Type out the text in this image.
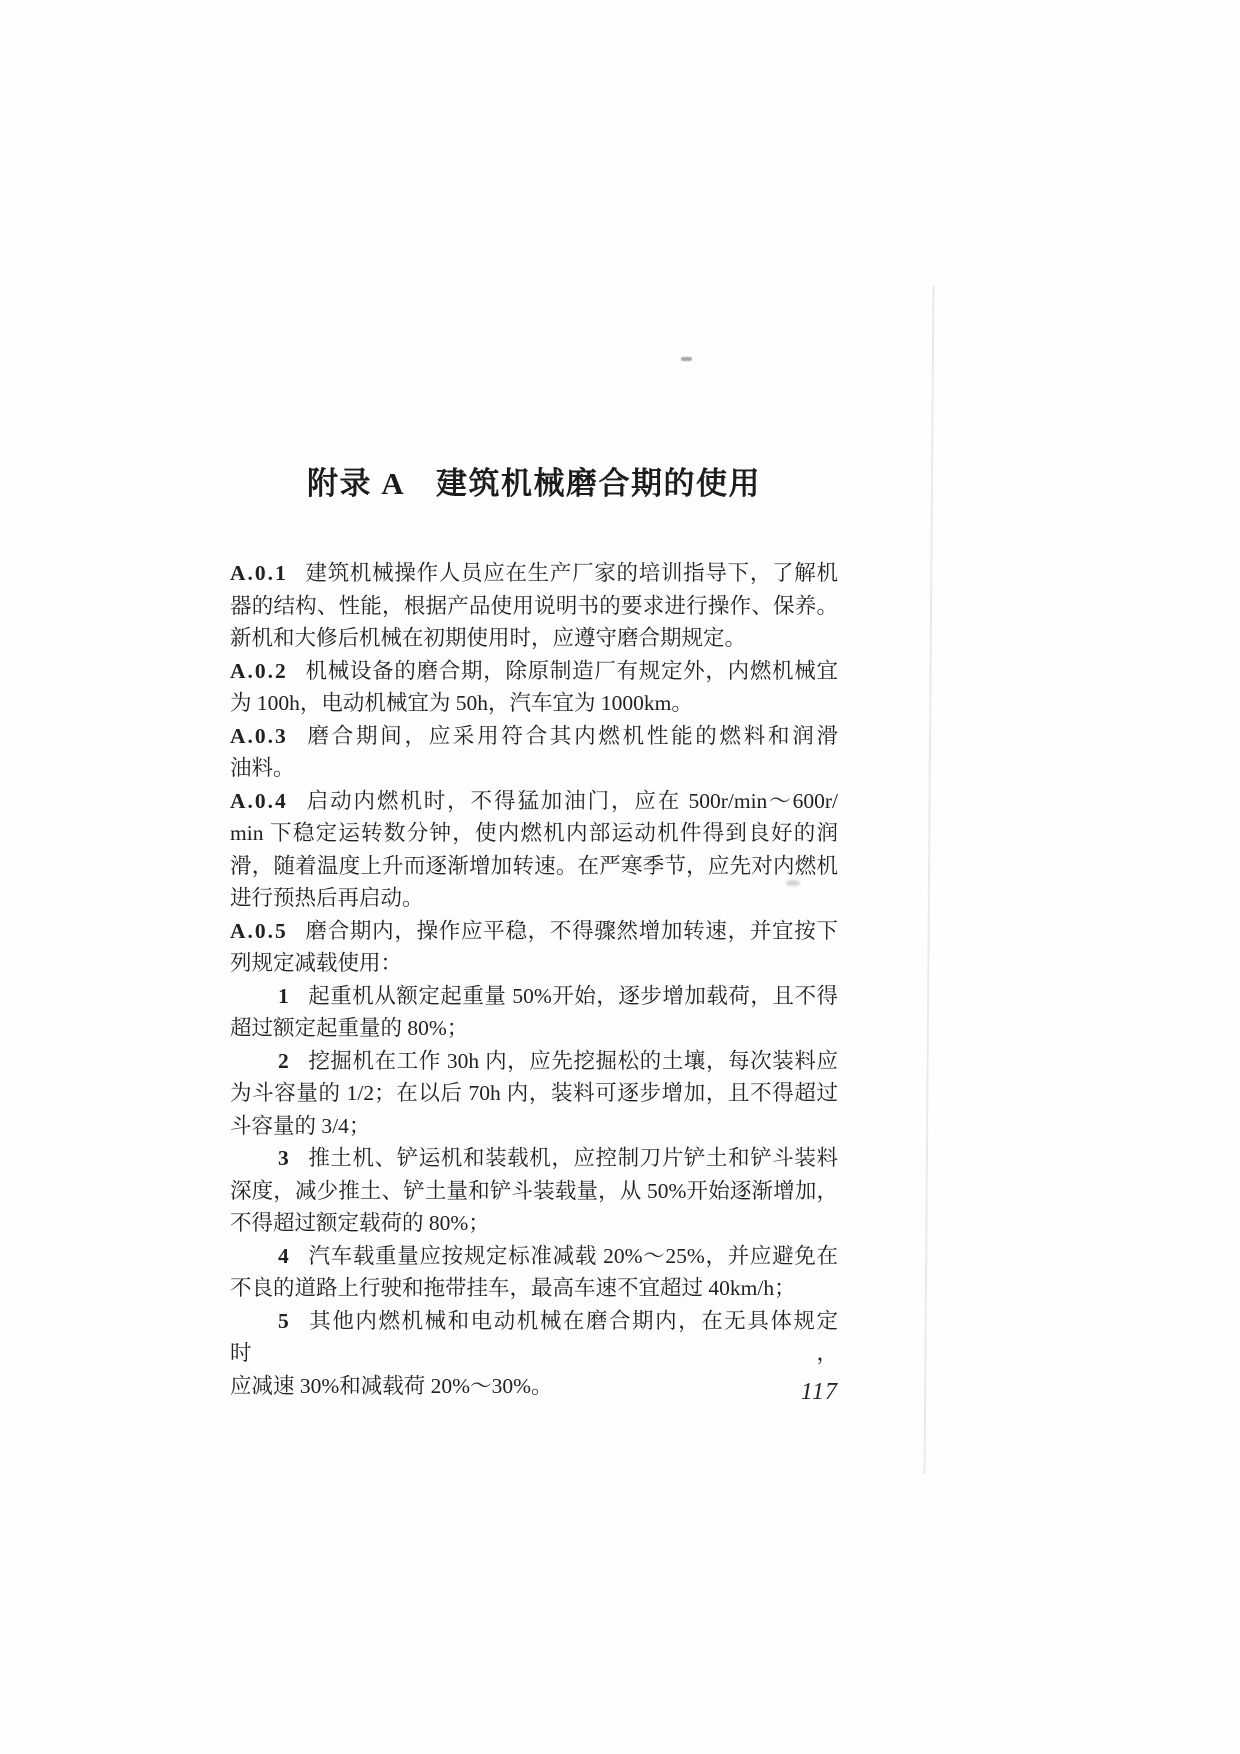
附录 A　建筑机械磨合期的使用
A.0.1 建筑机械操作人员应在生产厂家的培训指导下，了解机
器的结构、性能，根据产品使用说明书的要求进行操作、保养。
新机和大修后机械在初期使用时，应遵守磨合期规定。
A.0.2 机械设备的磨合期，除原制造厂有规定外，内燃机械宜
为 100h，电动机械宜为 50h，汽车宜为 1000km。
A.0.3 磨合期间，应采用符合其内燃机性能的燃料和润滑
油料。
A.0.4 启动内燃机时，不得猛加油门，应在 500r/min～600r/
min 下稳定运转数分钟，使内燃机内部运动机件得到良好的润
滑，随着温度上升而逐渐增加转速。在严寒季节，应先对内燃机
进行预热后再启动。
A.0.5 磨合期内，操作应平稳，不得骤然增加转速，并宜按下
列规定减载使用：
1 起重机从额定起重量 50%开始，逐步增加载荷，且不得
超过额定起重量的 80%；
2 挖掘机在工作 30h 内，应先挖掘松的土壤，每次装料应
为斗容量的 1/2；在以后 70h 内，装料可逐步增加，且不得超过
斗容量的 3/4；
3 推土机、铲运机和装载机，应控制刀片铲土和铲斗装料
深度，减少推土、铲土量和铲斗装载量，从 50%开始逐渐增加，
不得超过额定载荷的 80%；
4 汽车载重量应按规定标准减载 20%～25%，并应避免在
不良的道路上行驶和拖带挂车，最高车速不宜超过 40km/h；
5 其他内燃机械和电动机械在磨合期内，在无具体规定时，
应减速 30%和减载荷 20%～30%。	117
